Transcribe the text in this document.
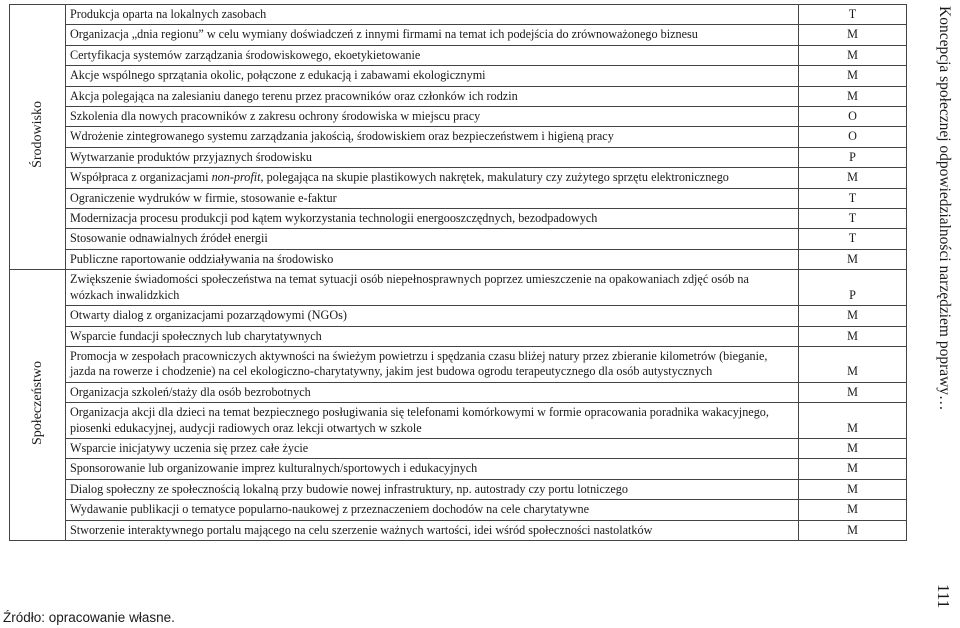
Środowisko	Produkcja oparta na lokalnych zasobach	T
	Organizacja „dnia regionu” w celu wymiany doświadczeń z innymi firmami na temat ich podejścia do zrównoważonego biznesu	M
	Certyfikacja systemów zarządzania środowiskowego, ekoetykietowanie	M
	Akcje wspólnego sprzątania okolic, połączone z edukacją i zabawami ekologicznymi	M
	Akcja polegająca na zalesianiu danego terenu przez pracowników oraz członków ich rodzin	M
	Szkolenia dla nowych pracowników z zakresu ochrony środowiska w miejscu pracy	O
	Wdrożenie zintegrowanego systemu zarządzania jakością, środowiskiem oraz bezpieczeństwem i higieną pracy	O
	Wytwarzanie produktów przyjaznych środowisku	P
	Współpraca z organizacjami non-profit, polegająca na skupie plastikowych nakrętek, makulatury czy zużytego sprzętu elektronicznego	M
	Ograniczenie wydruków w firmie, stosowanie e-faktur	T
	Modernizacja procesu produkcji pod kątem wykorzystania technologii energooszczędnych, bezodpadowych	T
	Stosowanie odnawialnych źródeł energii	T
	Publiczne raportowanie oddziaływania na środowisko	M
Społeczeństwo	Zwiększenie świadomości społeczeństwa na temat sytuacji osób niepełnosprawnych poprzez umieszczenie na opakowaniach zdjęć osób na wózkach inwalidzkich	P
	Otwarty dialog z organizacjami pozarządowymi (NGOs)	M
	Wsparcie fundacji społecznych lub charytatywnych	M
	Promocja w zespołach pracowniczych aktywności na świeżym powietrzu i spędzania czasu bliżej natury przez zbieranie kilometrów (bieganie, jazda na rowerze i chodzenie) na cel ekologiczno-charytatywny, jakim jest budowa ogrodu terapeutycznego dla osób autystycznych	M
	Organizacja szkoleń/staży dla osób bezrobotnych	M
	Organizacja akcji dla dzieci na temat bezpiecznego posługiwania się telefonami komórkowymi w formie opracowania poradnika wakacyjnego, piosenki edukacyjnej, audycji radiowych oraz lekcji otwartych w szkole	M
	Wsparcie inicjatywy uczenia się przez całe życie	M
	Sponsorowanie lub organizowanie imprez kulturalnych/sportowych i edukacyjnych	M
	Dialog społeczny ze społecznością lokalną przy budowie nowej infrastruktury, np. autostrady czy portu lotniczego	M
	Wydawanie publikacji o tematyce popularno-naukowej z przeznaczeniem dochodów na cele charytatywne	M
	Stworzenie interaktywnego portalu mającego na celu szerzenie ważnych wartości, idei wśród społeczności nastolatków	M
Źródło: opracowanie własne.
Koncepcja społecznej odpowiedzialności narzędziem poprawy…
111
